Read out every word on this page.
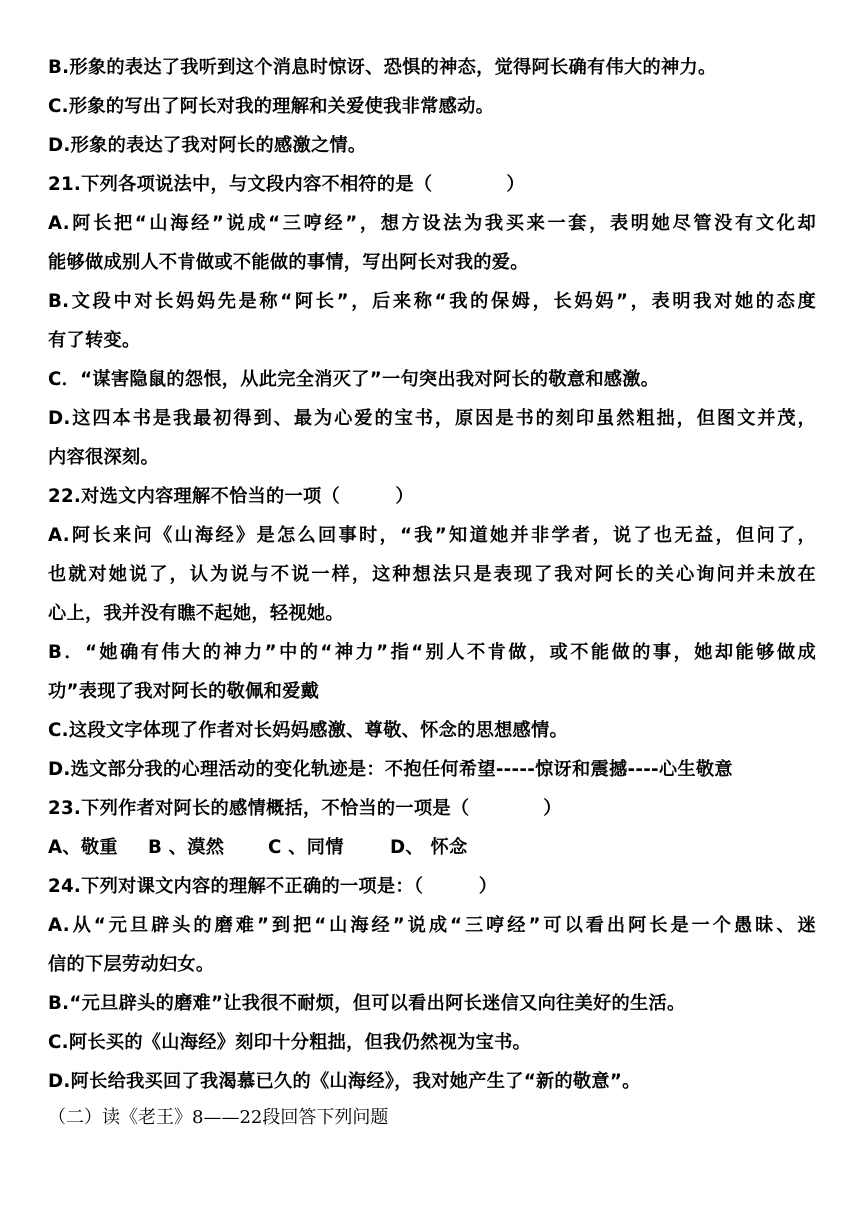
B.形象的表达了我听到这个消息时惊讶、恐惧的神态，觉得阿长确有伟大的神力。
C.形象的写出了阿长对我的理解和关爱使我非常感动。
D.形象的表达了我对阿长的感激之情。
21.下列各项说法中，与文段内容不相符的是（　　　　）
A.阿长把“山海经”说成“三哼经”，想方设法为我买来一套，表明她尽管没有文化却
能够做成别人不肯做或不能做的事情，写出阿长对我的爱。
B.文段中对长妈妈先是称“阿长”，后来称“我的保姆，长妈妈”，表明我对她的态度
有了转变。
C．“谋害隐鼠的怨恨，从此完全消灭了”一句突出我对阿长的敬意和感激。
D.这四本书是我最初得到、最为心爱的宝书，原因是书的刻印虽然粗拙，但图文并茂，
内容很深刻。
22.对选文内容理解不恰当的一项（　　　）
A.阿长来问《山海经》是怎么回事时，“我”知道她并非学者，说了也无益，但问了，
也就对她说了，认为说与不说一样，这种想法只是表现了我对阿长的关心询问并未放在
心上，我并没有瞧不起她，轻视她。
B．“她确有伟大的神力”中的“神力”指“别人不肯做，或不能做的事，她却能够做成
功”表现了我对阿长的敬佩和爱戴
C.这段文字体现了作者对长妈妈感激、尊敬、怀念的思想感情。
D.选文部分我的心理活动的变化轨迹是：不抱任何希望-----惊讶和震撼----心生敬意
23.下列作者对阿长的感情概括，不恰当的一项是（　　　　）
A、敬重	B 、漠然	C 、同情	D、 怀念
24.下列对课文内容的理解不正确的一项是：（　　　）
A.从“元旦辟头的磨难”到把“山海经”说成“三哼经”可以看出阿长是一个愚昧、迷
信的下层劳动妇女。
B.“元旦辟头的磨难”让我很不耐烦，但可以看出阿长迷信又向往美好的生活。
C.阿长买的《山海经》刻印十分粗拙，但我仍然视为宝书。
D.阿长给我买回了我渴慕已久的《山海经》，我对她产生了“新的敬意”。
（二）读《老王》8——22段回答下列问题
